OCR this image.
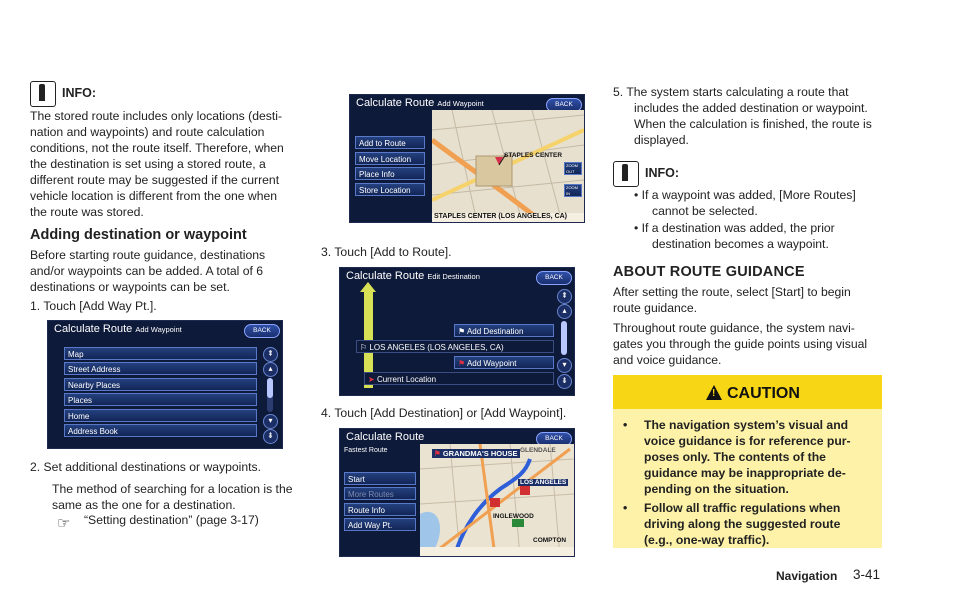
INFO:

The stored route includes only locations (desti-

nation and waypoints) and route calculation

conditions, not the route itself. Therefore, when

the destination is set using a stored route, a

different route may be suggested if the current

vehicle location is different from the one when

the route was stored.

Adding destination or waypoint

Before starting route guidance, destinations

and/or waypoints can be added. A total of 6

destinations or waypoints can be set.

1. Touch [Add Way Pt.].
Calculate Route Add Waypoint	BACK
Map
Street Address
Nearby Places
Places
Home
Address Book
⇞
▴
▾
⇟
2. Set additional destinations or waypoints.

The method of searching for a location is the

same as the one for a destination.

☞ “Setting destination” (page 3-17)
Calculate Route Add Waypoint	BACK
STAPLES CENTER
STAPLES CENTER (LOS ANGELES, CA)
Add to Route
Move Location
Place Info
Store Location
ZOOM OUT
ZOOM IN
3. Touch [Add to Route].
Calculate Route Edit Destination	BACK
⚑ Add Destination
⚐ LOS ANGELES (LOS ANGELES, CA)
⚑ Add Waypoint
➤ Current Location
⇞
▴
▾
⇟
4. Touch [Add Destination] or [Add Waypoint].
Calculate Route	BACK
⚑ GRANDMA'S HOUSE GLENDALE
LOS ANGELES
INGLEWOOD
COMPTON
Fastest Route
Start
More Routes
Route Info
Add Way Pt.

5. The system starts calculating a route that

includes the added destination or waypoint.

When the calculation is finished, the route is

displayed.

INFO:

• If a waypoint was added, [More Routes]

cannot be selected.

• If a destination was added, the prior

destination becomes a waypoint.

ABOUT ROUTE GUIDANCE

After setting the route, select [Start] to begin

route guidance.

Throughout route guidance, the system navi-

gates you through the guide points using visual

and voice guidance.

!
CAUTION
• The navigation system’s visual and

voice guidance is for reference pur-

poses only. The contents of the

guidance may be inappropriate de-

pending on the situation.

• Follow all traffic regulations when

driving along the suggested route

(e.g., one-way traffic).

Navigation 3-41
